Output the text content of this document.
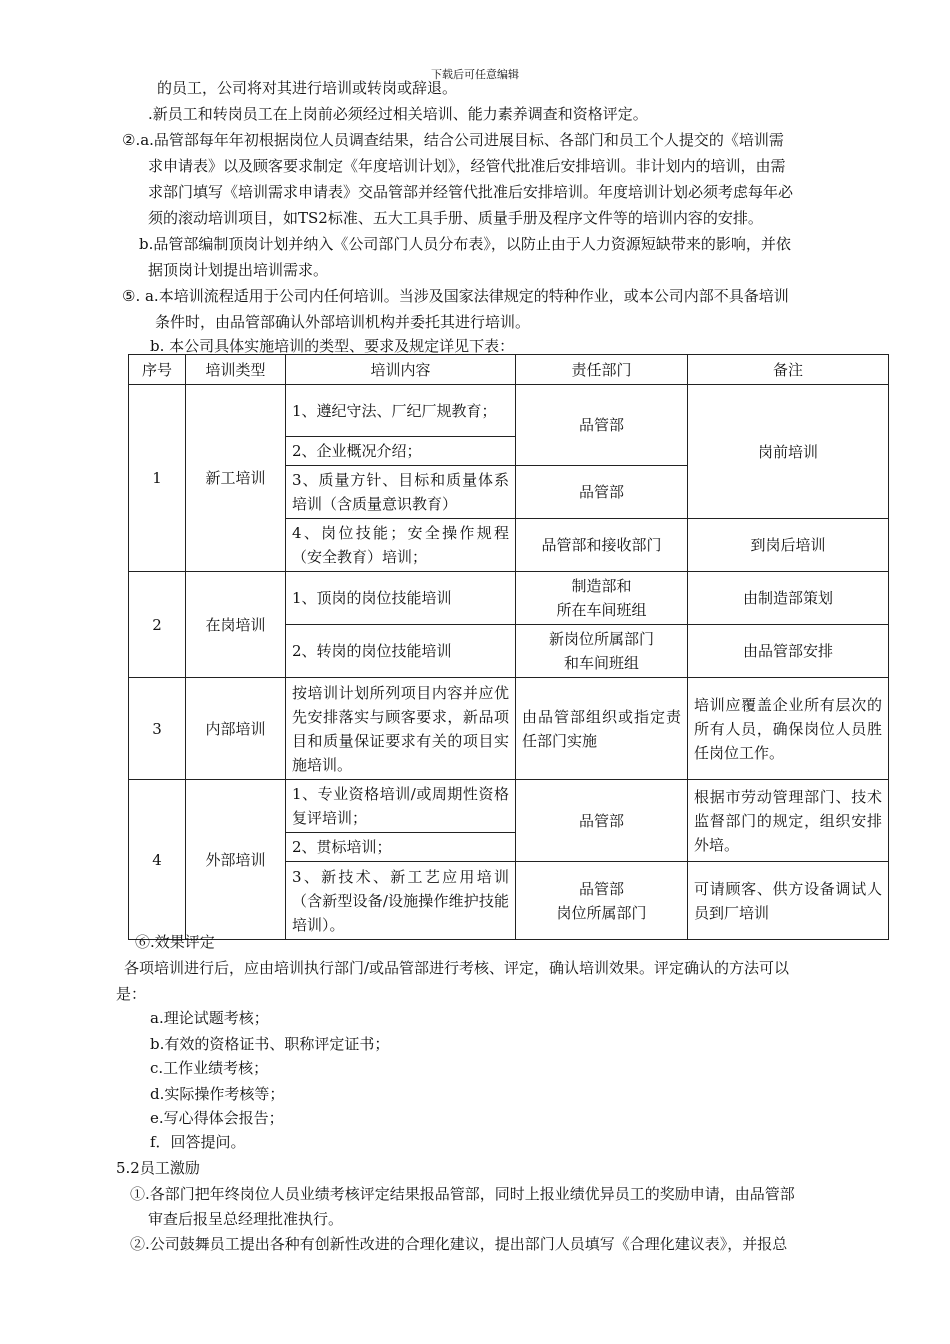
下载后可任意编辑
的员工，公司将对其进行培训或转岗或辞退。
.新员工和转岗员工在上岗前必须经过相关培训、能力素养调查和资格评定。
②.a.品管部每年年初根据岗位人员调查结果，结合公司进展目标、各部门和员工个人提交的《培训需
求申请表》以及顾客要求制定《年度培训计划》，经管代批准后安排培训。非计划内的培训，由需
求部门填写《培训需求申请表》交品管部并经管代批准后安排培训。年度培训计划必须考虑每年必
须的滚动培训项目，如TS2标准、五大工具手册、质量手册及程序文件等的培训内容的安排。
b.品管部编制顶岗计划并纳入《公司部门人员分布表》，以防止由于人力资源短缺带来的影响，并依
据顶岗计划提出培训需求。
⑤. a.本培训流程适用于公司内任何培训。当涉及国家法律规定的特种作业，或本公司内部不具备培训
条件时，由品管部确认外部培训机构并委托其进行培训。
b. 本公司具体实施培训的类型、要求及规定详见下表：
序号	培训类型	培训内容	责任部门	备注
1	新工培训	1、遵纪守法、厂纪厂规教育；	品管部	岗前培训
		2、企业概况介绍；		
		3、质量方针、目标和质量体系培训（含质量意识教育）	品管部	
		4、岗位技能；安全操作规程（安全教育）培训；	品管部和接收部门	到岗后培训
2	在岗培训	1、顶岗的岗位技能培训	制造部和
所在车间班组	由制造部策划
		2、转岗的岗位技能培训	新岗位所属部门
和车间班组	由品管部安排
3	内部培训	按培训计划所列项目内容并应优先安排落实与顾客要求，新品项目和质量保证要求有关的项目实施培训。	由品管部组织或指定责任部门实施	培训应覆盖企业所有层次的所有人员，确保岗位人员胜任岗位工作。
4	外部培训	1、专业资格培训/或周期性资格复评培训；	品管部	根据市劳动管理部门、技术监督部门的规定，组织安排外培。
		2、贯标培训；		
		3、新技术、新工艺应用培训（含新型设备/设施操作维护技能培训）。	品管部
岗位所属部门	可请顾客、供方设备调试人员到厂培训
⑥.效果评定
各项培训进行后，应由培训执行部门/或品管部进行考核、评定，确认培训效果。评定确认的方法可以
是：
a.理论试题考核；
b.有效的资格证书、职称评定证书；
c.工作业绩考核；
d.实际操作考核等；
e.写心得体会报告；
f．回答提问。
5.2员工激励
①.各部门把年终岗位人员业绩考核评定结果报品管部，同时上报业绩优异员工的奖励申请，由品管部
审查后报呈总经理批准执行。
②.公司鼓舞员工提出各种有创新性改进的合理化建议，提出部门人员填写《合理化建议表》，并报总
